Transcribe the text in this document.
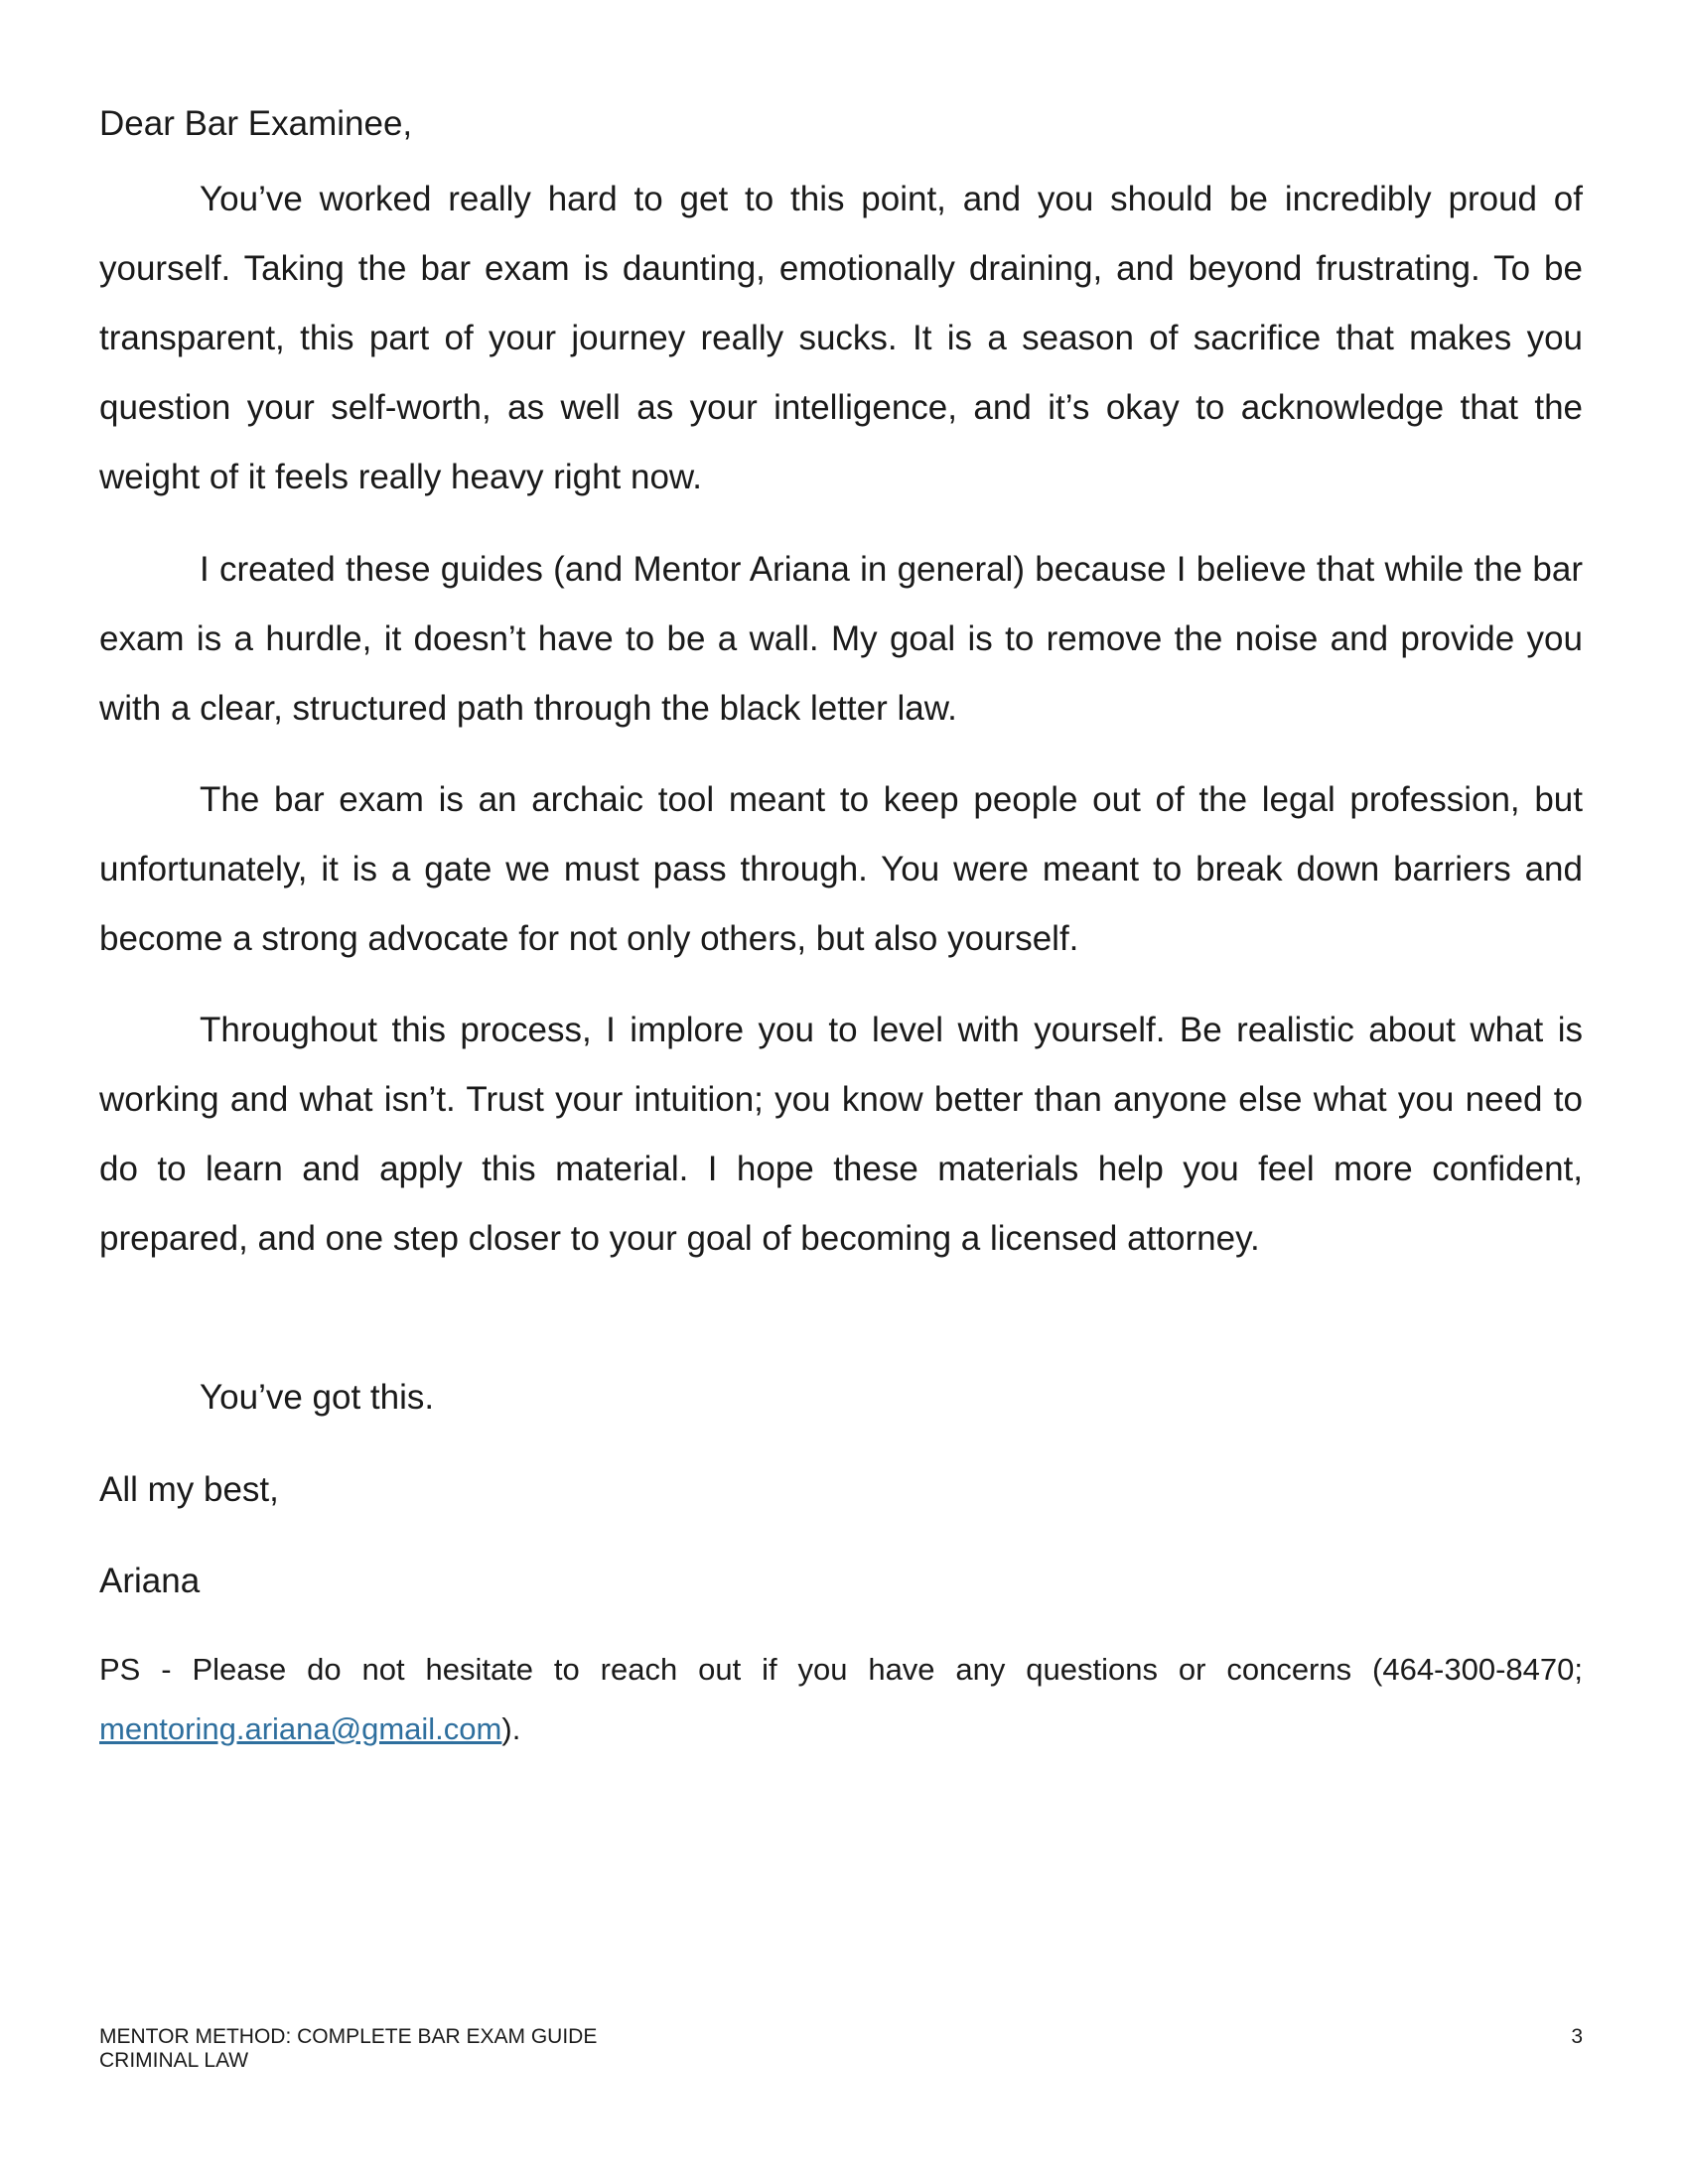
Dear Bar Examinee,

You’ve worked really hard to get to this point, and you should be incredibly proud of yourself. Taking the bar exam is daunting, emotionally draining, and beyond frustrating. To be transparent, this part of your journey really sucks. It is a season of sacrifice that makes you question your self-worth, as well as your intelligence, and it’s okay to acknowledge that the weight of it feels really heavy right now.

I created these guides (and Mentor Ariana in general) because I believe that while the bar exam is a hurdle, it doesn’t have to be a wall. My goal is to remove the noise and provide you with a clear, structured path through the black letter law.

The bar exam is an archaic tool meant to keep people out of the legal profession, but unfortunately, it is a gate we must pass through. You were meant to break down barriers and become a strong advocate for not only others, but also yourself.

Throughout this process, I implore you to level with yourself. Be realistic about what is working and what isn’t. Trust your intuition; you know better than anyone else what you need to do to learn and apply this material. I hope these materials help you feel more confident, prepared, and one step closer to your goal of becoming a licensed attorney.

You’ve got this.

All my best,

Ariana

PS - Please do not hesitate to reach out if you have any questions or concerns (464-300-8470; mentoring.ariana@gmail.com).

MENTOR METHOD: COMPLETE BAR EXAM GUIDE
CRIMINAL LAW
3
